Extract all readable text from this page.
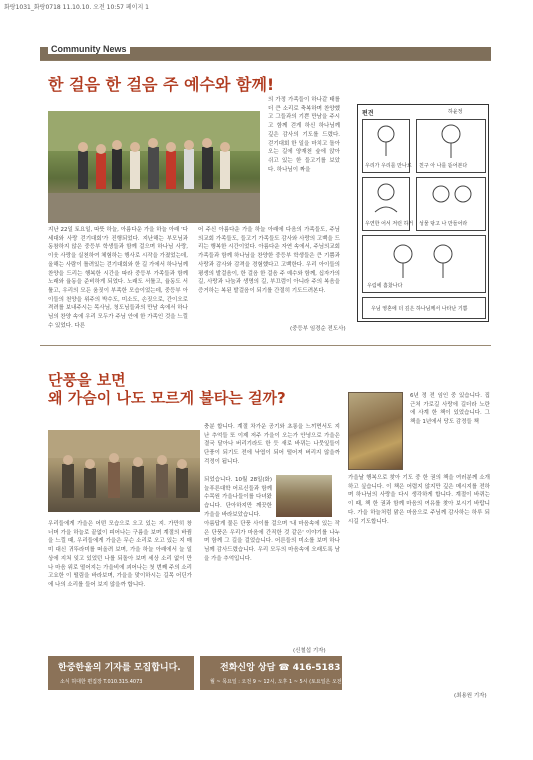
화랑1031_화랑0718 11.10.10. 오전 10:57 페이지 1
4
Community News
한 걸음 한 걸음 주 예수와 함께!
의 가정 가족들이 하나같 태를 더 큰 소리로 축복하며 찬양했고 그들과의 기쁜 만남을 주시고 함께 걷게 하신 하나님께 깊은 감사의 기도를 드렸다. 걷기대회 한 일을 마치고 돌아오는 길에 양재천 숲에 앉아 쉬고 있는 한 들고기를 보았다. 하나님이 짜을
지난 22일 토요일, 따뜻 하늘, 아름다운 가을 하늘 아래 '다세대와 사랑 걷기대회'가 진행되었다. 지난해는 부모님과 동참하지 않은 중등부 학생들과 함께 걸으며 하나님 사랑, 이웃 사랑을 실천하여 체험하는 행사로 시작을 가졌었는데, 올해는 사람이 틀려있는 걷기대회와 한 길 가에서 하나님께 찬양을 드리는 행복한 시간을 따라 중등부 가족들과 함께 노래와 율동을 준비하게 되었다. 노래도 서툴고, 율동도 서툴고, 우리의 모든 움짓이 부족한 모습이었는데, 중등부 아이들의 천양을 위주의 박수도, 미소도, 손짓으로, 간이오로 격려를 보내주시는 목사님, 청도님들과의 만남 속에서 하나님의 찬양 속에 우리 모두가 주님 안에 한 가족인 것을 느낄 수 있었다. 다른
어 주신 아름다운 가을 하늘 아래에 다음의 가족들도, 주님의교회 가족들도, 들고기 가족들도 감사와 사랑의 고백을 드리는 행복한 시간이었다. 아름다운 자연 속에서, 주님의교회 가족들과 함께 하나님을 찬양한 중등부 학생들은 큰 기쁨과 사랑과 감사와 감격을 경험했다고 고백한다. 우리 아이들의 평생의 발걸음이, 한 걸음 한 걸음 주 예수와 함께, 십자가의 길, 사랑과 나눔과 생명의 길, 부끄럼이 아니라 주의 복음을 증거하는 복된 발걸음이 되기를 간절히 기도드려본다.
(중등부 임경순 전도사)
편견	하윤정
우리가 우리를 만나로 친구 아 나를 뜯어본다
우연한 어서 저런 하거 성물 닦고 나 만들어라
우림에 흠찼나다
우님 영혼에 더 깊은 하나님께서 나타난 기쁨
단풍을 보면
왜 가슴이 나도 모르게 불타는 걸까?
충분 합니다. 계절 차가운 공기와 초롱을 느끼면서도 지난 추억들 또 이제 저주 가을이 오는가 안녕으로 가을은 결국 달아나 버리기라도 한 듯 새로 바뀌는 나뭇잎들이 단풍이 되기도 전에 낙엽이 되어 떨어져 버리지 않을까 걱정이 됩니다.
되었습니다. 10월 28일(화) 늘푸른대학 어르신들과 함께 수목원 가을나들이를 다녀왔습니다. 단아하지만 깨끗한 가을을 바라보았습니다.
우리들에게 가을은 어떤 모습으로 오고 있는 지. 가만히 창 너머 가을 하늘로 끝없이 피어나는 구름을 보며 계절의 바뀜을 느낄 때, 우리들에게 가을은 무슨 소리로 오고 있는 지 매미 대신 귀뚜라미를 떠올려 보며, 가을 하늘 아래에서 늘 일상에 지쳐 잊고 있었던 나를 되돌아 보며 세상 소리 없이 만나 마음 위로 떨어지는 가을비에 괴어나는 첫 번째 주의 소리 고요한 이 떨림을 바라보며, 가을을 맞이하시는 길목 어딘가에 나의 소리를 들어 보지 않을까 합니다.
아름답게 물든 단풍 사이를 걸으며 '내 마음속에 있는 작은 단풍은 우리가 마음에 간직한 것 같은' 이야기를 나누며 함께 그 길을 걸었습니다. 어른들의 미소를 보며 하나님께 감사드렸습니다. 우리 모두의 마음속에 오래도록 남을 가을 추억입니다.
(신철섭 기자)
6년 정 전 임인 중 있습니다. 집 근처 가로길 사랑에 길더라 노란에 사계 한 책이 있었습니다. 그 책을 1년에서 당도 감정들 책
가을날 행복으로 찾아 기도 중 한 권의 책을 여러분께 소개하고 싶습니다. 이 책은 어렵지 않지만 깊은 메시지를 전하며 하나님의 사랑을 다시 생각하게 합니다. 계절이 바뀌는 이 때, 책 한 권과 함께 마음의 여유를 찾아 보시기 바랍니다. 가을 하늘처럼 맑은 마음으로 주님께 감사하는 하루 되시길 기도합니다.
(최용원 기자)
한중한울의 기자를 모집합니다.
소식 허대한 편집장 T.010.315.4073
전화신앙 상담 ☎ 416-5183
월 ~ 목요일 : 오전 9 ~ 12시, 오후 1 ~ 5시 (토요일은 오전만)
